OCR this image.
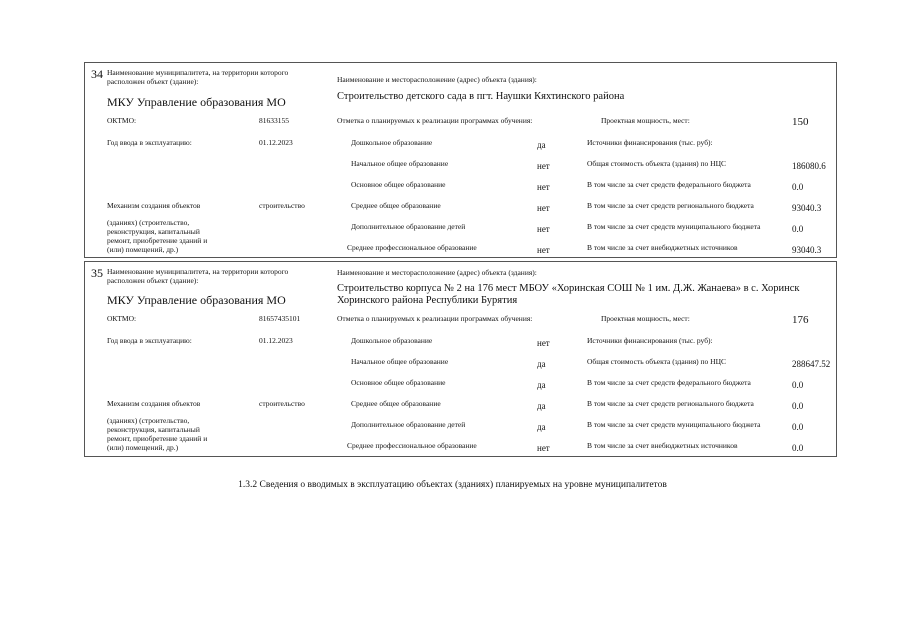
34 Наименование муниципалитета, на территории которого
расположен объект (здание):
МКУ Управление образования МО
ОКТМО:	81633155
Год ввода в эксплуатацию:	01.12.2023
Механизм создания объектов	строительство
(зданиях) (строительство,
реконструкция, капитальный
ремонт, приобретение зданий и
(или) помещений, др.)
Наименование и месторасположение (адрес) объекта (здания):
Строительство детского сада в пгт. Наушки Кяхтинского района
Отметка о планируемых к реализации программах обучения:
Дошкольное образование	да
Начальное общее образование	нет
Основное общее образование	нет
Среднее общее образование	нет
Дополнительное образование детей	нет
Среднее профессиональное образование	нет
Проектная мощность, мест:	150
Источники финансирования (тыс. руб):
Общая стоимость объекта (здания) по НЦС	186080.6
В том числе за счет средств федерального бюджета	0.0
В том числе за счет средств регионального бюджета	93040.3
В том числе за счет средств муниципального бюджета	0.0
В том числе за счет внебюджетных источников	93040.3
35 Наименование муниципалитета, на территории которого
расположен объект (здание):
МКУ Управление образования МО
ОКТМО:	81657435101
Год ввода в эксплуатацию:	01.12.2023
Механизм создания объектов	строительство
(зданиях) (строительство,
реконструкция, капитальный
ремонт, приобретение зданий и
(или) помещений, др.)
Наименование и месторасположение (адрес) объекта (здания):
Строительство корпуса № 2 на 176 мест МБОУ «Хоринская СОШ № 1 им. Д.Ж. Жанаева» в с. Хоринск
Хоринского района Республики Бурятия
Отметка о планируемых к реализации программах обучения:
Дошкольное образование	нет
Начальное общее образование	да
Основное общее образование	да
Среднее общее образование	да
Дополнительное образование детей	да
Среднее профессиональное образование	нет
Проектная мощность, мест:	176
Источники финансирования (тыс. руб):
Общая стоимость объекта (здания) по НЦС	288647.52
В том числе за счет средств федерального бюджета	0.0
В том числе за счет средств регионального бюджета	0.0
В том числе за счет средств муниципального бюджета	0.0
В том числе за счет внебюджетных источников	0.0
1.3.2 Сведения о вводимых в эксплуатацию объектах (зданиях) планируемых на уровне муниципалитетов
